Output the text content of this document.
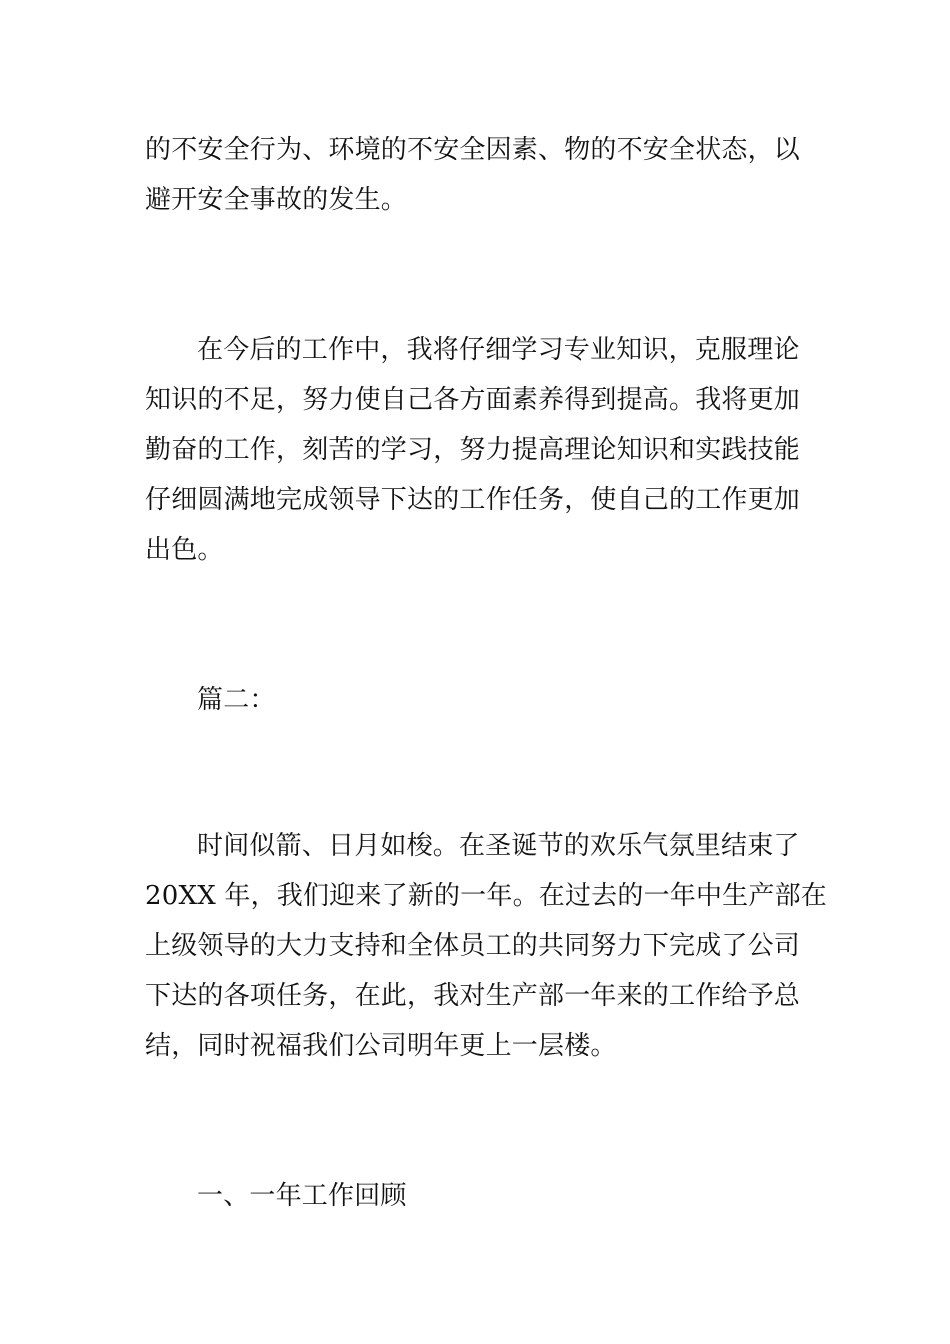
的不安全行为、环境的不安全因素、物的不安全状态，以
避开安全事故的发生。
在今后的工作中，我将仔细学习专业知识，克服理论
知识的不足，努力使自己各方面素养得到提高。我将更加
勤奋的工作，刻苦的学习，努力提高理论知识和实践技能
仔细圆满地完成领导下达的工作任务，使自己的工作更加
出色。
篇二：
时间似箭、日月如梭。在圣诞节的欢乐气氛里结束了
20XX 年，我们迎来了新的一年。在过去的一年中生产部在
上级领导的大力支持和全体员工的共同努力下完成了公司
下达的各项任务，在此，我对生产部一年来的工作给予总
结，同时祝福我们公司明年更上一层楼。
一、一年工作回顾
